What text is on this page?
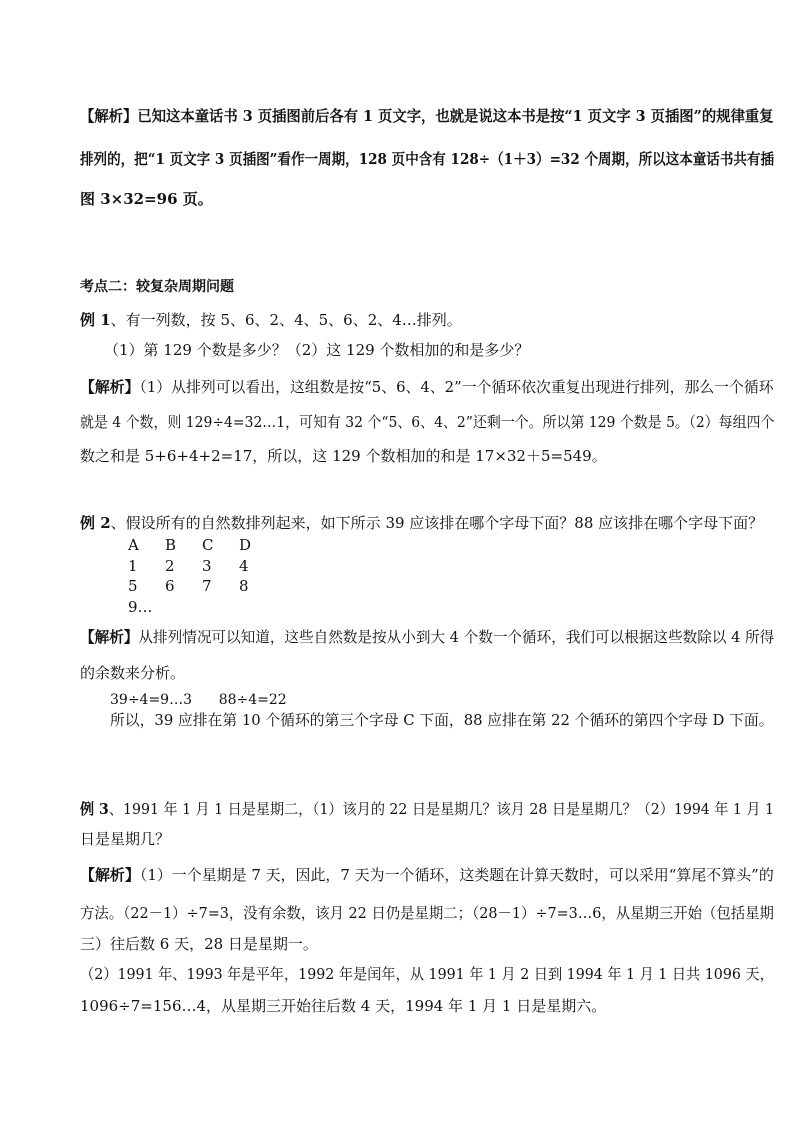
【解析】已知这本童话书 3 页插图前后各有 1 页文字，也就是说这本书是按“1 页文字 3 页插图”的规律重复
排列的，把“1 页文字 3 页插图”看作一周期，128 页中含有 128÷（1＋3）=32 个周期，所以这本童话书共有插
图 3×32=96 页。
考点二：较复杂周期问题
例 1、有一列数，按 5、6、2、4、5、6、2、4…排列。
（1）第 129 个数是多少？（2）这 129 个数相加的和是多少？
【解析】（1）从排列可以看出，这组数是按“5、6、4、2”一个循环依次重复出现进行排列，那么一个循环
就是 4 个数，则 129÷4=32…1，可知有 32 个“5、6、4、2”还剩一个。所以第 129 个数是 5。（2）每组四个
数之和是 5+6+4+2=17，所以，这 129 个数相加的和是 17×32＋5=549。
例 2、假设所有的自然数排列起来，如下所示 39 应该排在哪个字母下面？88 应该排在哪个字母下面？
A B C D
1 2 3 4
5 6 7 8
9…
【解析】从排列情况可以知道，这些自然数是按从小到大 4 个数一个循环，我们可以根据这些数除以 4 所得
的余数来分析。
39÷4=9…3      88÷4=22
所以，39 应排在第 10 个循环的第三个字母 C 下面，88 应排在第 22 个循环的第四个字母 D 下面。
例 3、1991 年 1 月 1 日是星期二，（1）该月的 22 日是星期几？该月 28 日是星期几？（2）1994 年 1 月 1
日是星期几？
【解析】（1）一个星期是 7 天，因此，7 天为一个循环，这类题在计算天数时，可以采用“算尾不算头”的
方法。（22－1）÷7=3，没有余数，该月 22 日仍是星期二；（28－1）÷7=3…6，从星期三开始（包括星期
三）往后数 6 天，28 日是星期一。
（2）1991 年、1993 年是平年，1992 年是闰年，从 1991 年 1 月 2 日到 1994 年 1 月 1 日共 1096 天，
1096÷7=156…4，从星期三开始往后数 4 天，1994 年 1 月 1 日是星期六。
